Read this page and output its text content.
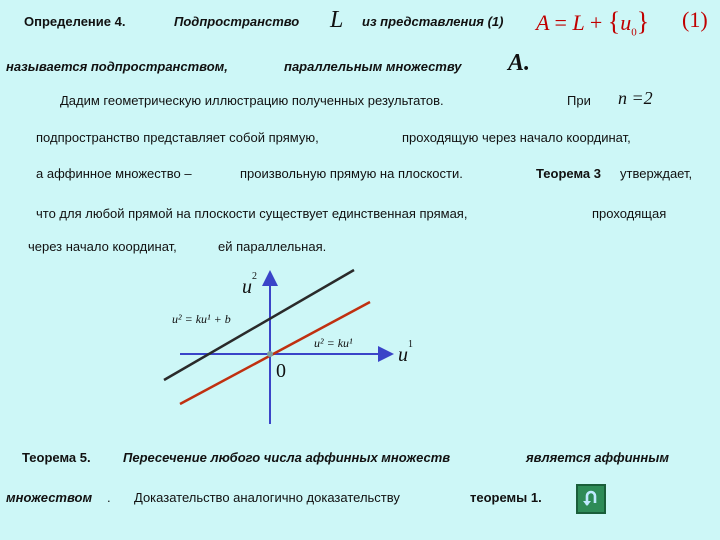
Определение 4.	Подпространство L из представления (1) $A = L + \{u_0\}$ (1)
называется подпространством,	параллельным множеству A.
Дадим геометрическую иллюстрацию полученных результатов.	При n =2
подпространство представляет собой прямую,	проходящую через начало координат,
а аффинное множество –	произвольную прямую на плоскости.	Теорема 3 утверждает,
что для любой прямой на плоскости существует единственная прямая,	проходящая
через начало координат,	ей параллельная.
$u^2$
$u^1$
0
u² = ku¹ + b
u² = ku¹
Теорема 5. Пересечение любого числа аффинных множеств	является аффинным
множеством . Доказательство аналогично доказательству	теоремы 1.
